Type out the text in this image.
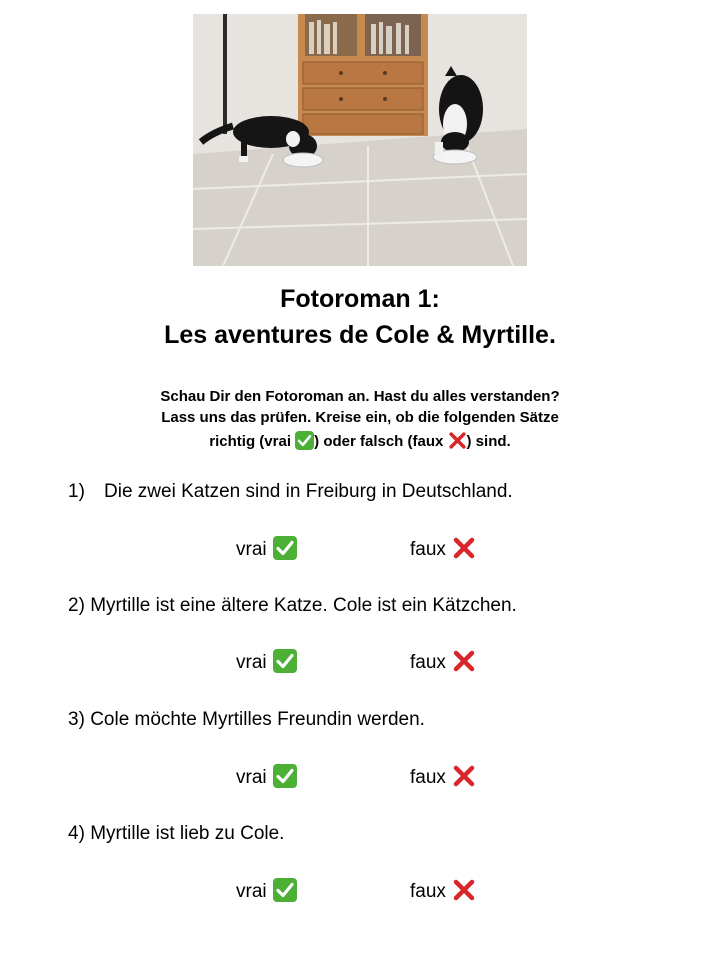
Fotoroman 1:
Les aventures de Cole & Myrtille.
Schau Dir den Fotoroman an. Hast du alles verstanden?
Lass uns das prüfen. Kreise ein, ob die folgenden Sätze
richtig (vrai
) oder falsch (faux
) sind.
1) Die zwei Katzen sind in Freiburg in Deutschland.
vrai	faux
2) Myrtille ist eine ältere Katze. Cole ist ein Kätzchen.
vrai	faux
3) Cole möchte Myrtilles Freundin werden.
vrai	faux
4) Myrtille ist lieb zu Cole.
vrai	faux
